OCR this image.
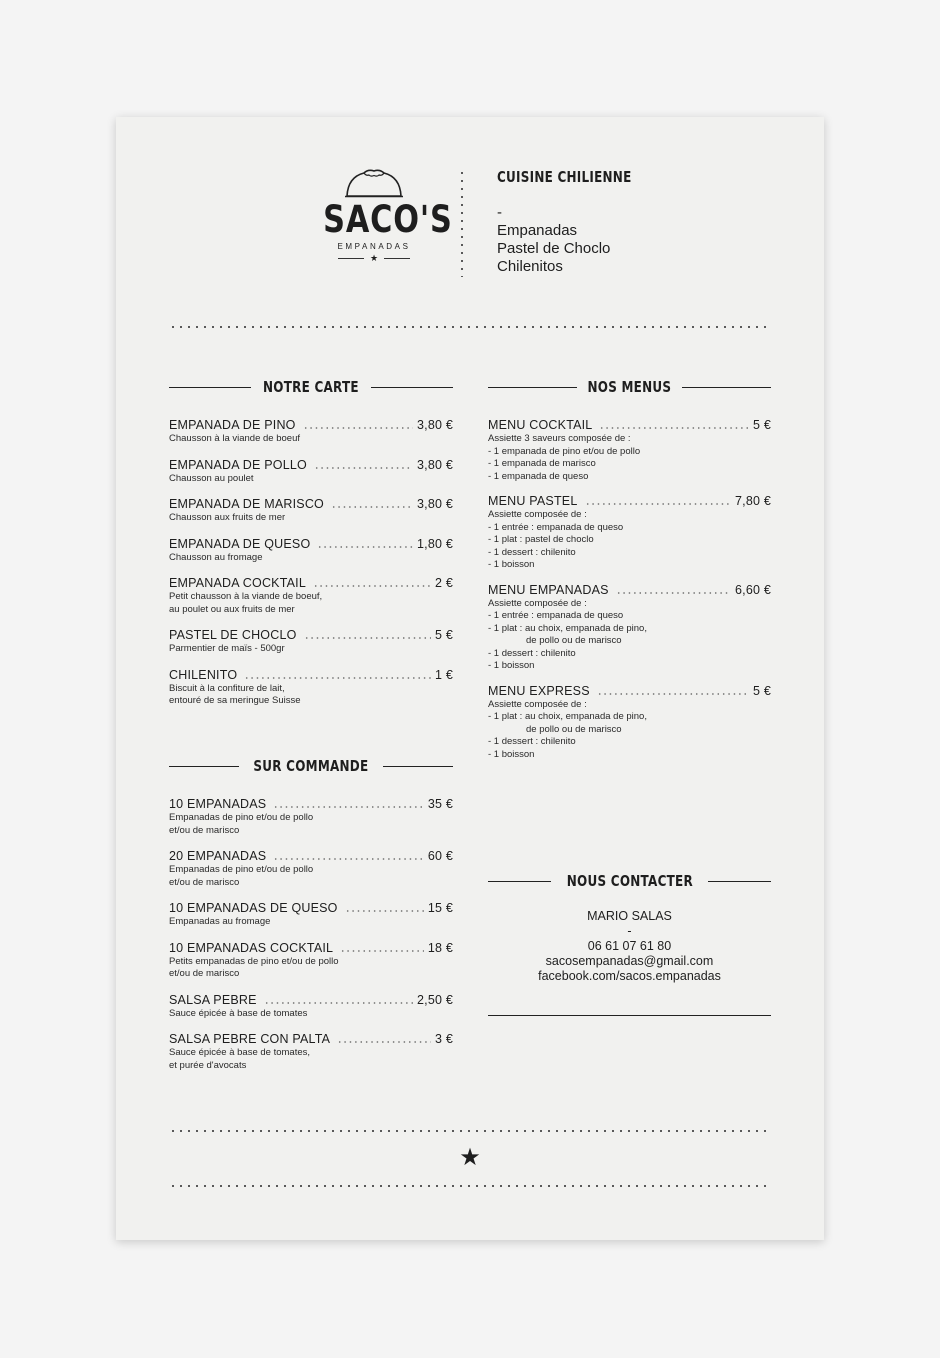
SACO'S
EMPANADAS
★
CUISINE CHILIENNE
-
Empanadas
Pastel de Choclo
Chilenitos
NOTRE CARTE
EMPANADA DE PINO	3,80 €
Chausson à la viande de boeuf
EMPANADA DE POLLO	3,80 €
Chausson au poulet
EMPANADA DE MARISCO	3,80 €
Chausson aux fruits de mer
EMPANADA DE QUESO	1,80 €
Chausson au fromage
EMPANADA COCKTAIL	2 €
Petit chausson à la viande de boeuf,
au poulet ou aux fruits de mer
PASTEL DE CHOCLO	5 €
Parmentier de maïs - 500gr
CHILENITO	1 €
Biscuit à la confiture de lait,
entouré de sa meringue Suisse
SUR COMMANDE
10 EMPANADAS	35 €
Empanadas de pino et/ou de pollo
et/ou de marisco
20 EMPANADAS	60 €
Empanadas de pino et/ou de pollo
et/ou de marisco
10 EMPANADAS DE QUESO	15 €
Empanadas au fromage
10 EMPANADAS COCKTAIL	18 €
Petits empanadas de pino et/ou de pollo
et/ou de marisco
SALSA PEBRE	2,50 €
Sauce épicée à base de tomates
SALSA PEBRE CON PALTA	3 €
Sauce épicée à base de tomates,
et purée d'avocats
NOS MENUS
MENU COCKTAIL	5 €
Assiette 3 saveurs composée de :
- 1 empanada de pino et/ou de pollo
- 1 empanada de marisco
- 1 empanada de queso
MENU PASTEL	7,80 €
Assiette composée de :
- 1 entrée : empanada de queso
- 1 plat : pastel de choclo
- 1 dessert : chilenito
- 1 boisson
MENU EMPANADAS	6,60 €
Assiette composée de :
- 1 entrée : empanada de queso
- 1 plat : au choix, empanada de pino,
de pollo ou de marisco
- 1 dessert : chilenito
- 1 boisson
MENU EXPRESS	5 €
Assiette composée de :
- 1 plat : au choix, empanada de pino,
de pollo ou de marisco
- 1 dessert : chilenito
- 1 boisson
NOUS CONTACTER
MARIO SALAS
-
06 61 07 61 80
sacosempanadas@gmail.com
facebook.com/sacos.empanadas
★
